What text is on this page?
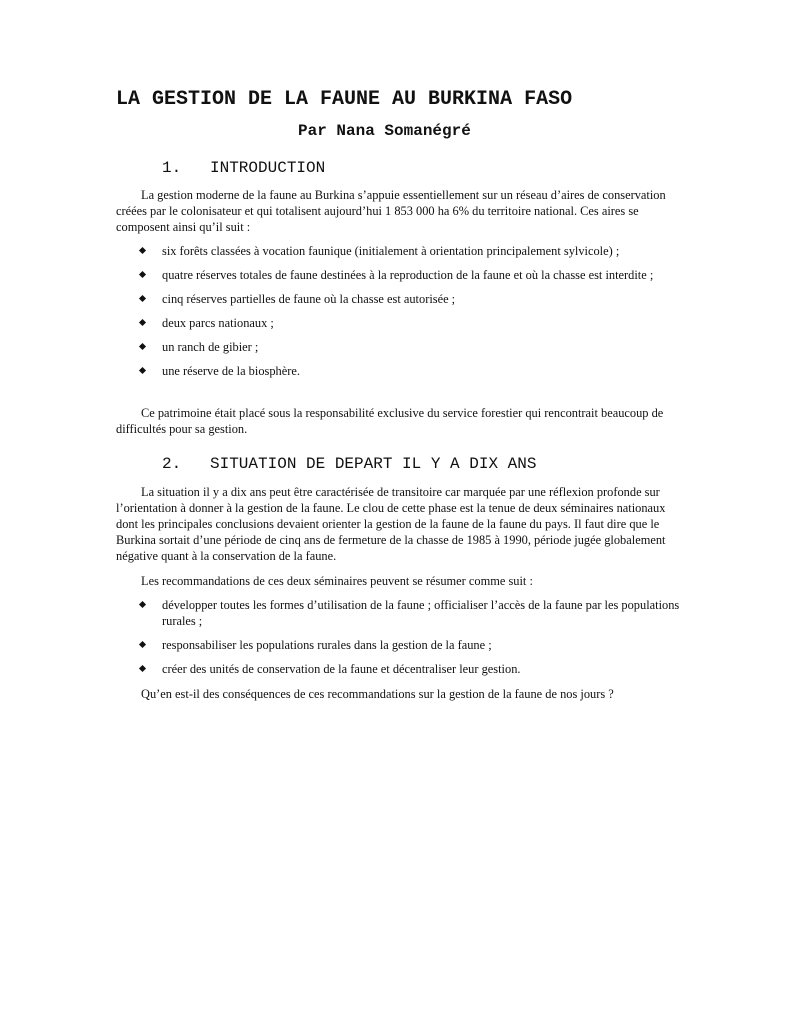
LA GESTION DE LA FAUNE AU BURKINA FASO
Par Nana Somanégré
1. INTRODUCTION

La gestion moderne de la faune au Burkina s’appuie essentiellement sur un réseau d’aires de conservation créées par le colonisateur et qui totalisent aujourd’hui 1 853 000 ha 6% du territoire national. Ces aires se composent ainsi qu’il suit :

six forêts classées à vocation faunique (initialement à orientation principalement sylvicole) ;
quatre réserves totales de faune destinées à la reproduction de la faune et où la chasse est interdite ;
cinq réserves partielles de faune où la chasse est autorisée ;
deux parcs nationaux ;
un ranch de gibier ;
une réserve de la biosphère.

Ce patrimoine était placé sous la responsabilité exclusive du service forestier qui rencontrait beaucoup de difficultés pour sa gestion.

2. SITUATION DE DEPART IL Y A DIX ANS

La situation il y a dix ans peut être caractérisée de transitoire car marquée par une réflexion profonde sur l’orientation à donner à la gestion de la faune. Le clou de cette phase est la tenue de deux séminaires nationaux dont les principales conclusions devaient orienter la gestion de la faune de la faune du pays. Il faut dire que le Burkina sortait d’une période de cinq ans de fermeture de la chasse de 1985 à 1990, période jugée globalement négative quant à la conservation de la faune.

Les recommandations de ces deux séminaires peuvent se résumer comme suit :

développer toutes les formes d’utilisation de la faune ; officialiser l’accès de la faune par les populations rurales ;
responsabiliser les populations rurales dans la gestion de la faune ;
créer des unités de conservation de la faune et décentraliser leur gestion.

Qu’en est-il des conséquences de ces recommandations sur la gestion de la faune de nos jours ?
